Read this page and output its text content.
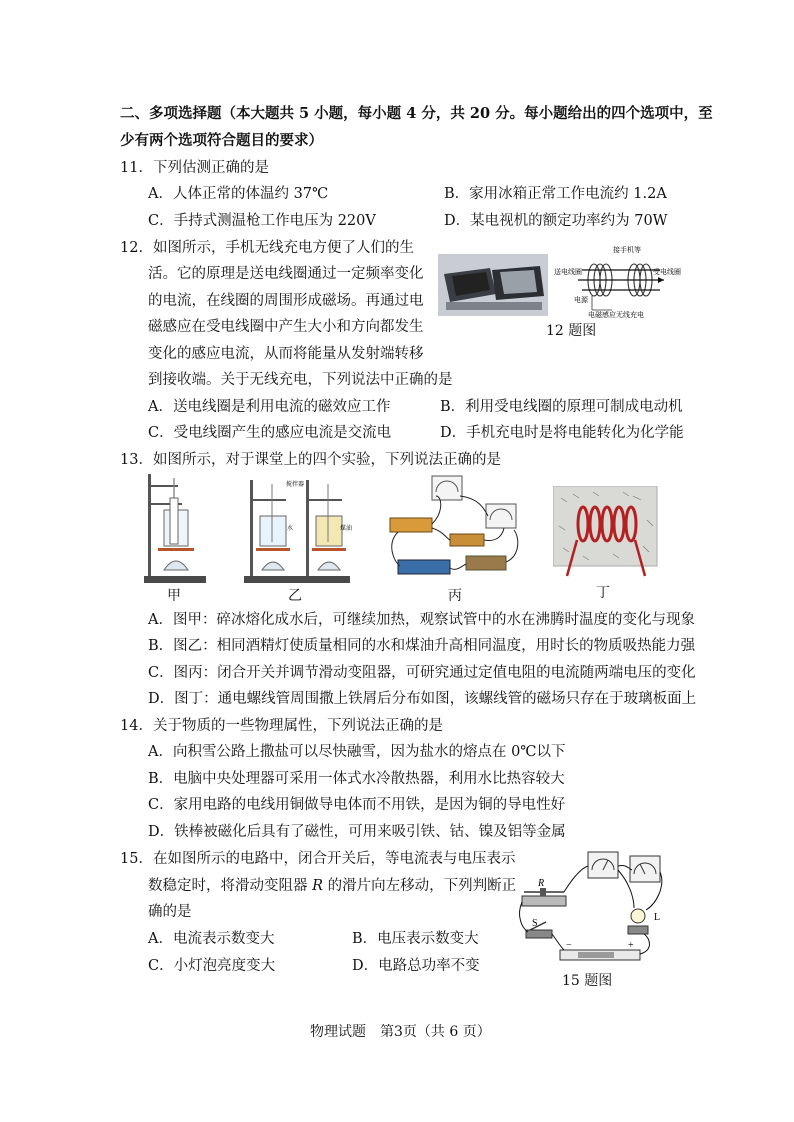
二、多项选择题（本大题共 5 小题，每小题 4 分，共 20 分。每小题给出的四个选项中，至
少有两个选项符合题目的要求）
11．下列估测正确的是
A．人体正常的体温约 37℃	B．家用冰箱正常工作电流约 1.2A
C．手持式测温枪工作电压为 220V	D．某电视机的额定功率约为 70W
12．如图所示，手机无线充电方便了人们的生
活。它的原理是送电线圈通过一定频率变化
的电流，在线圈的周围形成磁场。再通过电
磁感应在受电线圈中产生大小和方向都发生
变化的感应电流，从而将能量从发射端转移
到接收端。关于无线充电，下列说法中正确的是
A．送电线圈是利用电流的磁效应工作	B．利用受电线圈的原理可制成电动机
C．受电线圈产生的感应电流是交流电	D．手机充电时是将电能转化为化学能
接手机等
送电线圈	受电线圈
电源
电磁感应无线充电
12 题图
13．如图所示，对于课堂上的四个实验，下列说法正确的是
搅拌器
水	煤油
甲	乙	丙	丁
A．图甲：碎冰熔化成水后，可继续加热，观察试管中的水在沸腾时温度的变化与现象
B．图乙：相同酒精灯使质量相同的水和煤油升高相同温度，用时长的物质吸热能力强
C．图丙：闭合开关并调节滑动变阻器，可研究通过定值电阻的电流随两端电压的变化
D．图丁：通电螺线管周围撒上铁屑后分布如图，该螺线管的磁场只存在于玻璃板面上
14．关于物质的一些物理属性，下列说法正确的是
A．向积雪公路上撒盐可以尽快融雪，因为盐水的熔点在 0℃以下
B．电脑中央处理器可采用一体式水冷散热器，利用水比热容较大
C．家用电路的电线用铜做导电体而不用铁，是因为铜的导电性好
D．铁棒被磁化后具有了磁性，可用来吸引铁、钴、镍及铝等金属
15．在如图所示的电路中，闭合开关后，等电流表与电压表示
数稳定时，将滑动变阻器 R 的滑片向左移动，下列判断正
确的是
A．电流表示数变大	B．电压表示数变大
C．小灯泡亮度变大	D．电路总功率不变
R
S
L
−	+
15 题图
物理试题　第3页（共 6 页）
